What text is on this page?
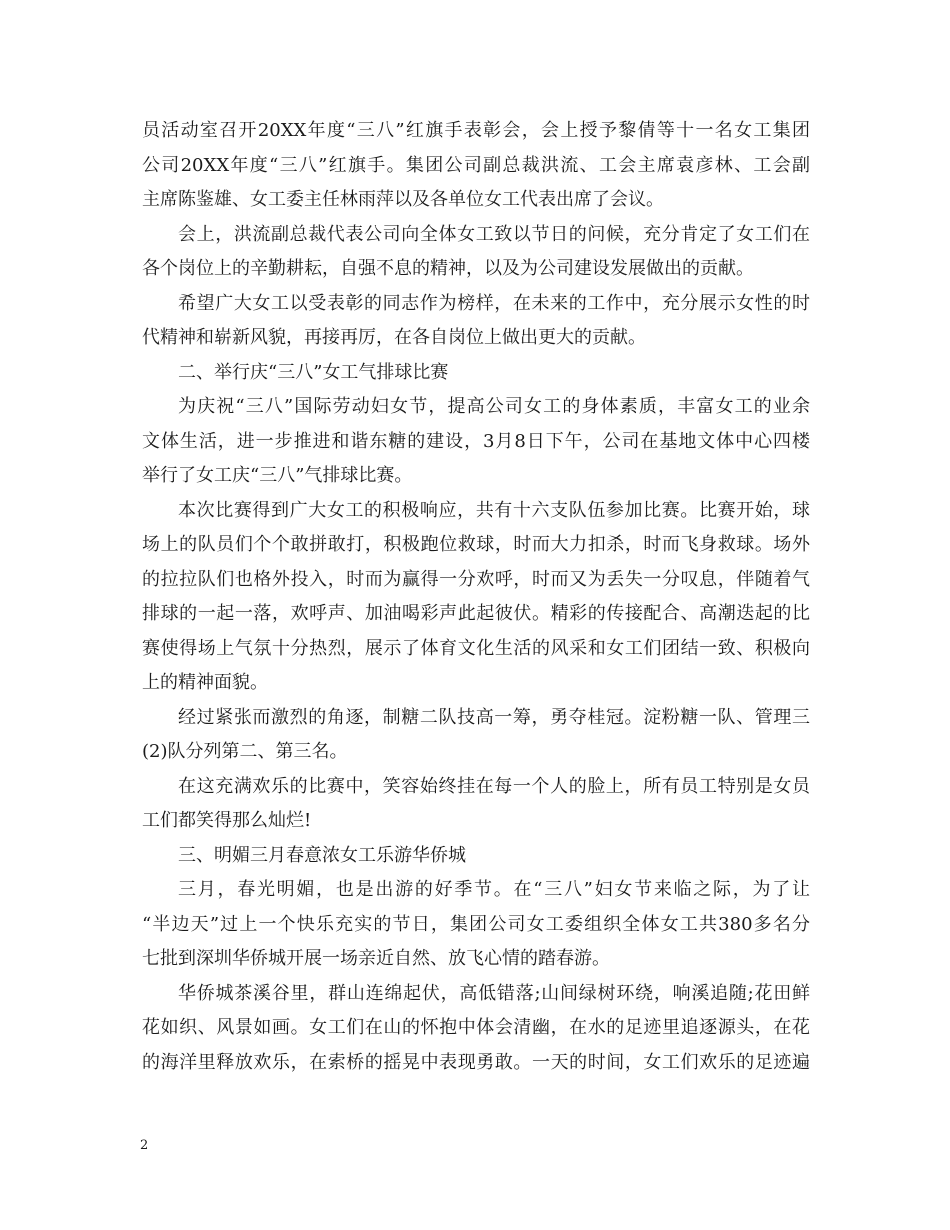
员活动室召开20XX年度“三八”红旗手表彰会，会上授予黎倩等十一名女工集团
公司20XX年度“三八”红旗手。集团公司副总裁洪流、工会主席袁彦林、工会副
主席陈鉴雄、女工委主任林雨萍以及各单位女工代表出席了会议。
会上，洪流副总裁代表公司向全体女工致以节日的问候，充分肯定了女工们在
各个岗位上的辛勤耕耘，自强不息的精神，以及为公司建设发展做出的贡献。
希望广大女工以受表彰的同志作为榜样，在未来的工作中，充分展示女性的时
代精神和崭新风貌，再接再厉，在各自岗位上做出更大的贡献。
二、举行庆“三八”女工气排球比赛
为庆祝“三八”国际劳动妇女节，提高公司女工的身体素质，丰富女工的业余
文体生活，进一步推进和谐东糖的建设，3月8日下午，公司在基地文体中心四楼
举行了女工庆“三八”气排球比赛。
本次比赛得到广大女工的积极响应，共有十六支队伍参加比赛。比赛开始，球
场上的队员们个个敢拼敢打，积极跑位救球，时而大力扣杀，时而飞身救球。场外
的拉拉队们也格外投入，时而为赢得一分欢呼，时而又为丢失一分叹息，伴随着气
排球的一起一落，欢呼声、加油喝彩声此起彼伏。精彩的传接配合、高潮迭起的比
赛使得场上气氛十分热烈，展示了体育文化生活的风采和女工们团结一致、积极向
上的精神面貌。
经过紧张而激烈的角逐，制糖二队技高一筹，勇夺桂冠。淀粉糖一队、管理三
(2)队分列第二、第三名。
在这充满欢乐的比赛中，笑容始终挂在每一个人的脸上，所有员工特别是女员
工们都笑得那么灿烂!
三、明媚三月春意浓女工乐游华侨城
三月，春光明媚，也是出游的好季节。在“三八”妇女节来临之际，为了让
“半边天”过上一个快乐充实的节日，集团公司女工委组织全体女工共380多名分
七批到深圳华侨城开展一场亲近自然、放飞心情的踏春游。
华侨城茶溪谷里，群山连绵起伏，高低错落;山间绿树环绕，响溪追随;花田鲜
花如织、风景如画。女工们在山的怀抱中体会清幽，在水的足迹里追逐源头，在花
的海洋里释放欢乐，在索桥的摇晃中表现勇敢。一天的时间，女工们欢乐的足迹遍
2
